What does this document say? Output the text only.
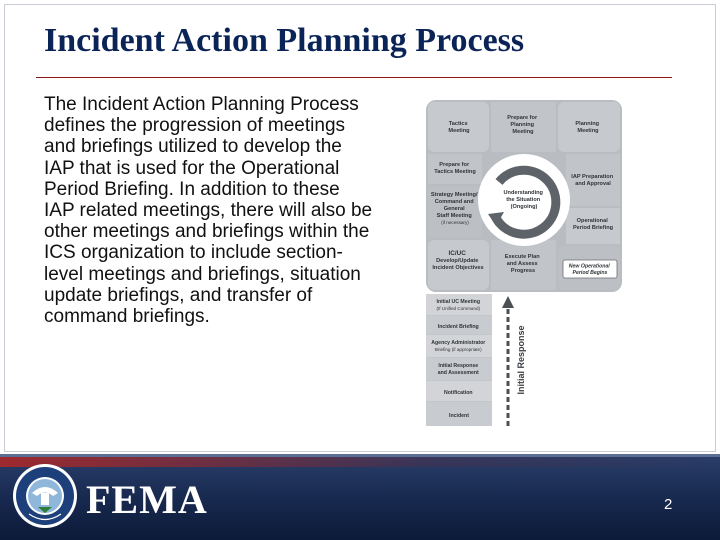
Incident Action Planning Process
The Incident Action Planning Process defines the progression of meetings and briefings utilized to develop the IAP that is used for the Operational Period Briefing. In addition to these IAP related meetings, there will also be other meetings and briefings within the ICS organization to include section-level meetings and briefings, situation update briefings, and transfer of command briefings.
Tactics Meeting
Prepare for Planning Meeting
Planning Meeting
Prepare for Tactics Meeting
IAP Preparation and Approval
Strategy Meeting/ Command and General Staff Meeting (if necessary)
Understanding the Situation (Ongoing)
Operational Period Briefing
IC/UC Develop/Update Incident Objectives
Execute Plan and Assess Progress
New Operational Period Begins
Initial UC Meeting (If Unified Command) Incident Briefing Agency Administrator Briefing (if appropriate) Initial Response and Assessment Notification Incident
Initial Response
FEMA	2
